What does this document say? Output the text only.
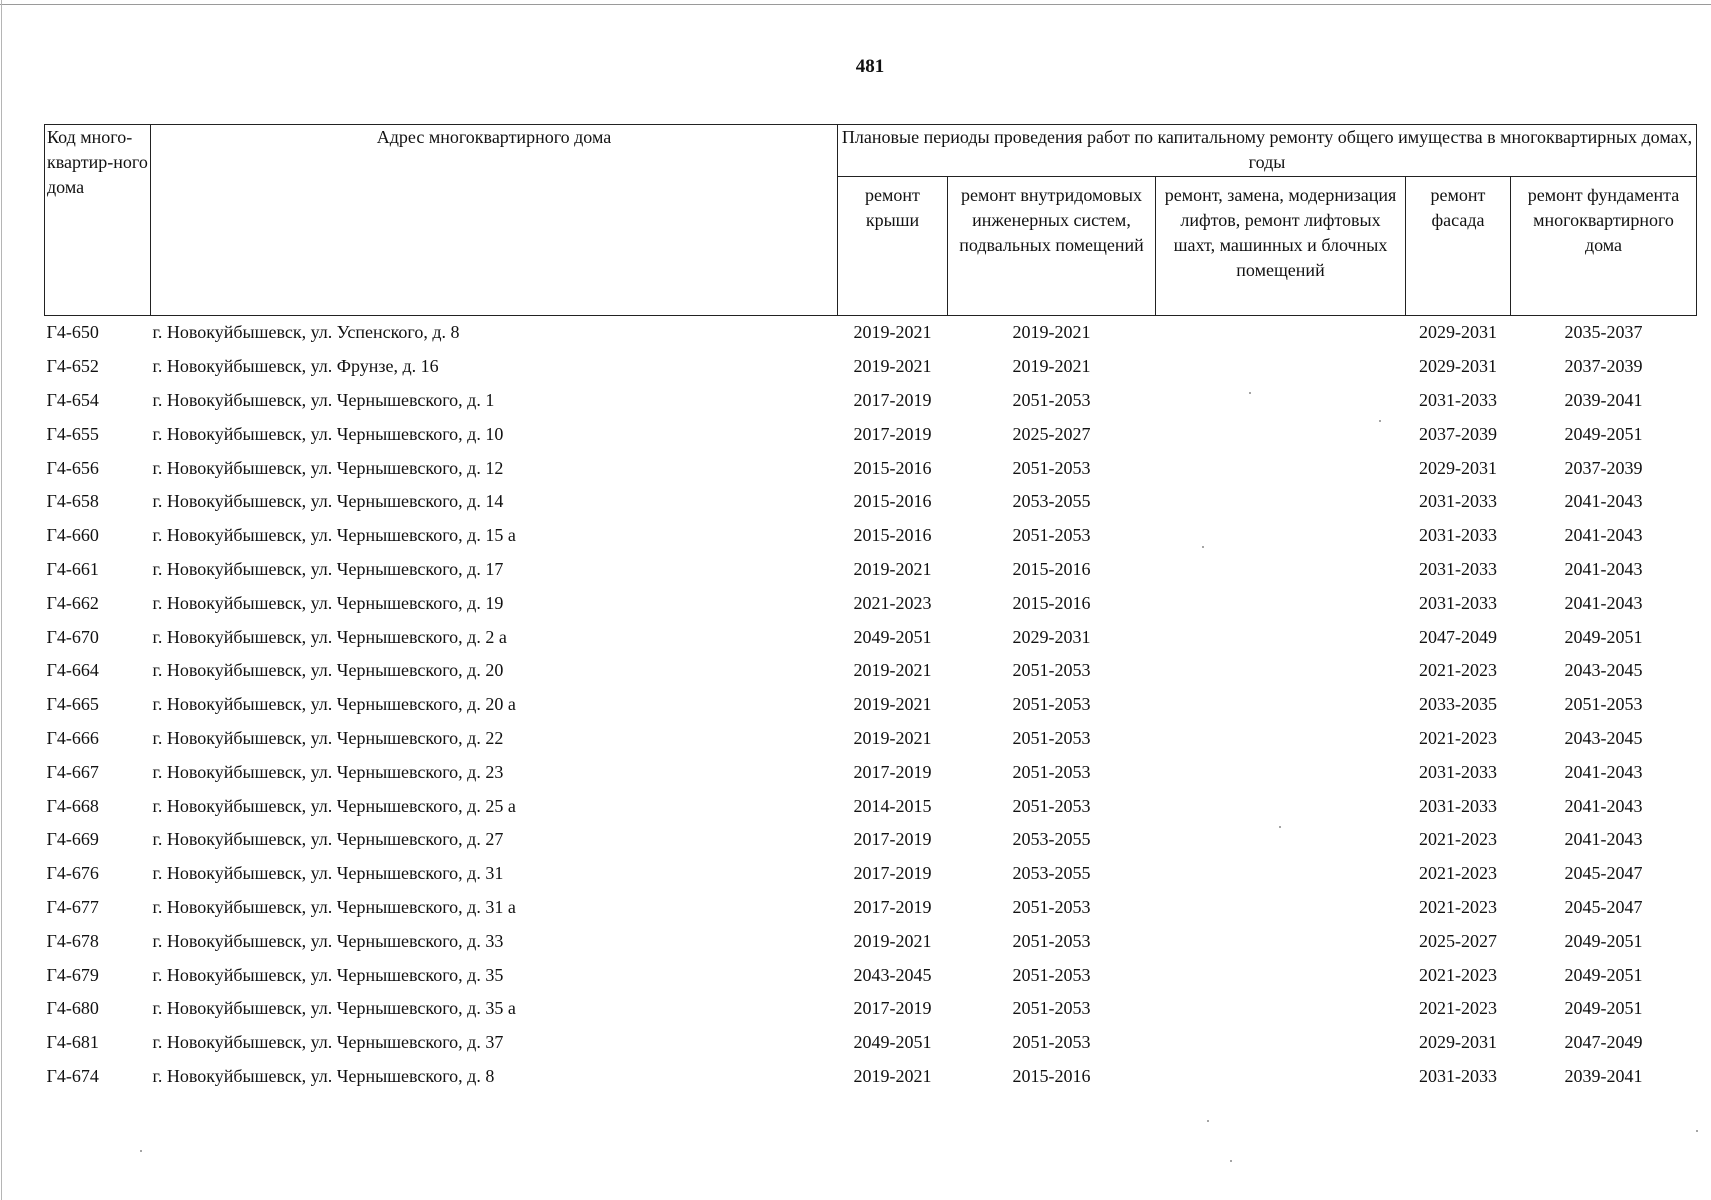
481
Код много-квартир-ного дома	Адрес многоквартирного дома	Плановые периоды проведения работ по капитальному ремонту общего имущества в многоквартирных домах, годы				
		ремонт крыши	ремонт внутридомовых инженерных систем, подвальных помещений	ремонт, замена, модернизация лифтов, ремонт лифтовых шахт, машинных и блочных помещений	ремонт фасада	ремонт фундамента многоквартирного дома
Г4-650	г. Новокуйбышевск, ул. Успенского, д. 8	2019-2021	2019-2021		2029-2031	2035-2037
Г4-652	г. Новокуйбышевск, ул. Фрунзе, д. 16	2019-2021	2019-2021		2029-2031	2037-2039
Г4-654	г. Новокуйбышевск, ул. Чернышевского, д. 1	2017-2019	2051-2053		2031-2033	2039-2041
Г4-655	г. Новокуйбышевск, ул. Чернышевского, д. 10	2017-2019	2025-2027		2037-2039	2049-2051
Г4-656	г. Новокуйбышевск, ул. Чернышевского, д. 12	2015-2016	2051-2053		2029-2031	2037-2039
Г4-658	г. Новокуйбышевск, ул. Чернышевского, д. 14	2015-2016	2053-2055		2031-2033	2041-2043
Г4-660	г. Новокуйбышевск, ул. Чернышевского, д. 15 а	2015-2016	2051-2053		2031-2033	2041-2043
Г4-661	г. Новокуйбышевск, ул. Чернышевского, д. 17	2019-2021	2015-2016		2031-2033	2041-2043
Г4-662	г. Новокуйбышевск, ул. Чернышевского, д. 19	2021-2023	2015-2016		2031-2033	2041-2043
Г4-670	г. Новокуйбышевск, ул. Чернышевского, д. 2 а	2049-2051	2029-2031		2047-2049	2049-2051
Г4-664	г. Новокуйбышевск, ул. Чернышевского, д. 20	2019-2021	2051-2053		2021-2023	2043-2045
Г4-665	г. Новокуйбышевск, ул. Чернышевского, д. 20 а	2019-2021	2051-2053		2033-2035	2051-2053
Г4-666	г. Новокуйбышевск, ул. Чернышевского, д. 22	2019-2021	2051-2053		2021-2023	2043-2045
Г4-667	г. Новокуйбышевск, ул. Чернышевского, д. 23	2017-2019	2051-2053		2031-2033	2041-2043
Г4-668	г. Новокуйбышевск, ул. Чернышевского, д. 25 а	2014-2015	2051-2053		2031-2033	2041-2043
Г4-669	г. Новокуйбышевск, ул. Чернышевского, д. 27	2017-2019	2053-2055		2021-2023	2041-2043
Г4-676	г. Новокуйбышевск, ул. Чернышевского, д. 31	2017-2019	2053-2055		2021-2023	2045-2047
Г4-677	г. Новокуйбышевск, ул. Чернышевского, д. 31 а	2017-2019	2051-2053		2021-2023	2045-2047
Г4-678	г. Новокуйбышевск, ул. Чернышевского, д. 33	2019-2021	2051-2053		2025-2027	2049-2051
Г4-679	г. Новокуйбышевск, ул. Чернышевского, д. 35	2043-2045	2051-2053		2021-2023	2049-2051
Г4-680	г. Новокуйбышевск, ул. Чернышевского, д. 35 а	2017-2019	2051-2053		2021-2023	2049-2051
Г4-681	г. Новокуйбышевск, ул. Чернышевского, д. 37	2049-2051	2051-2053		2029-2031	2047-2049
Г4-674	г. Новокуйбышевск, ул. Чернышевского, д. 8	2019-2021	2015-2016		2031-2033	2039-2041
